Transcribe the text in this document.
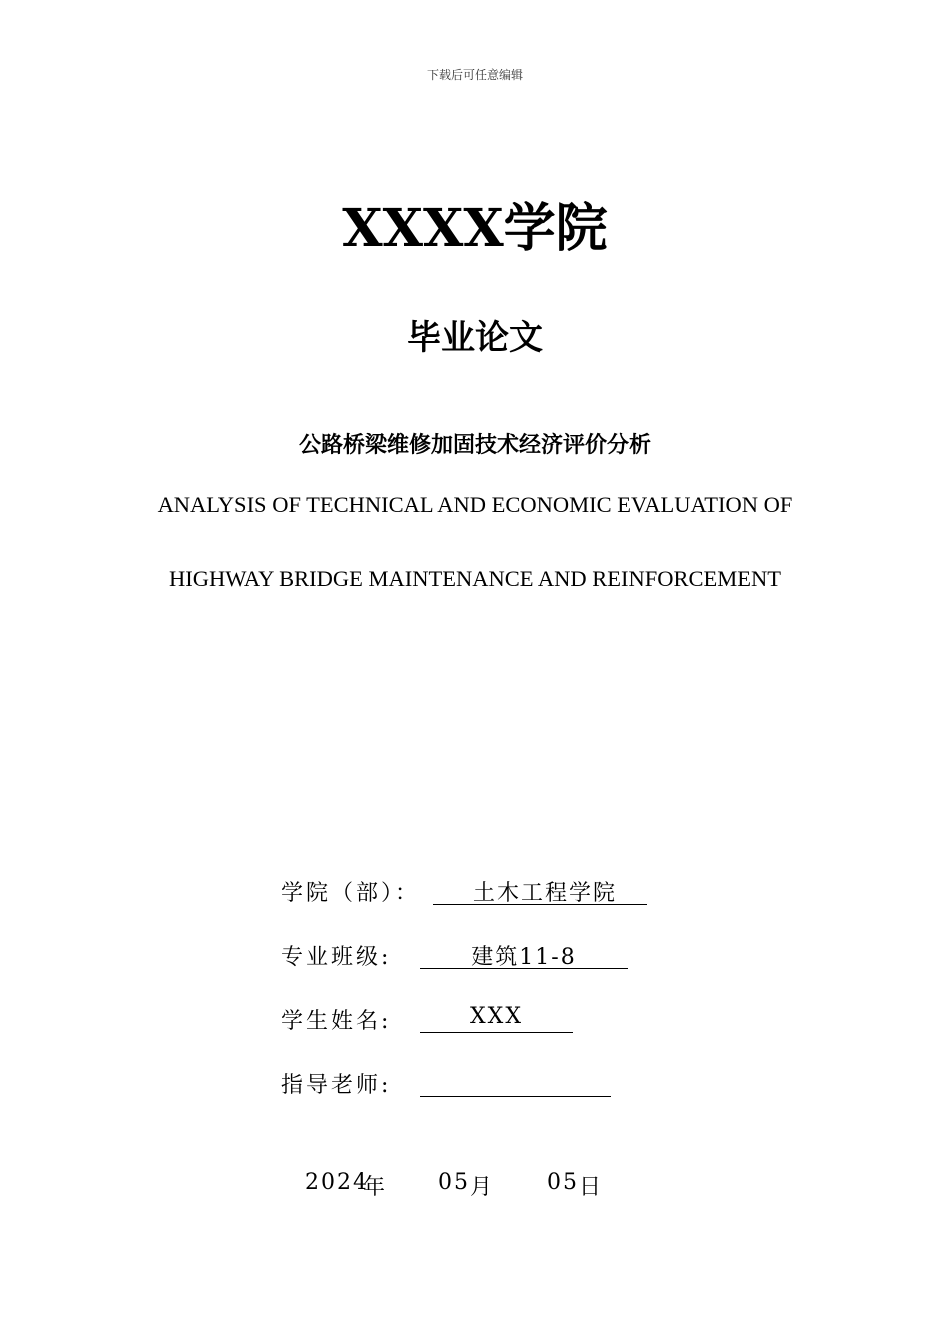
下载后可任意编辑
XXXX学院
毕业论文
公路桥梁维修加固技术经济评价分析
ANALYSIS OF TECHNICAL AND ECONOMIC EVALUATION OF
HIGHWAY BRIDGE MAINTENANCE AND REINFORCEMENT
学院（部）：	土木工程学院
专业班级:	建筑11-8
学生姓名:	XXX
指导老师:
2024
年 05 月 05 日
